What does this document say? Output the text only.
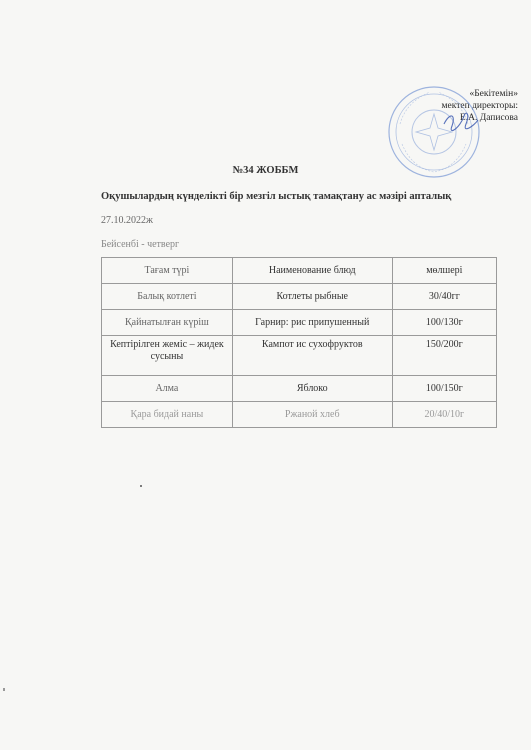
«Бекітемін»
мектеп директоры:
Е.А. Даписова
№34 ЖОББМ
Оқушылардың күнделікті бір мезгіл ыстық тамақтану ас мәзірі апталық
27.10.2022ж
Бейсенбі - четверг
Тағам түрі	Наименование блюд	мөлшері
Балық котлеті	Котлеты рыбные	30/40гг
Қайнатылған күріш	Гарнир: рис припушенный	100/130г
Кептірілген жеміс – жидек сусыны	Кампот ис сухофруктов	150/200г
Алма	Яблоко	100/150г
Қара бидай наны	Ржаной хлеб	20/40/10г
